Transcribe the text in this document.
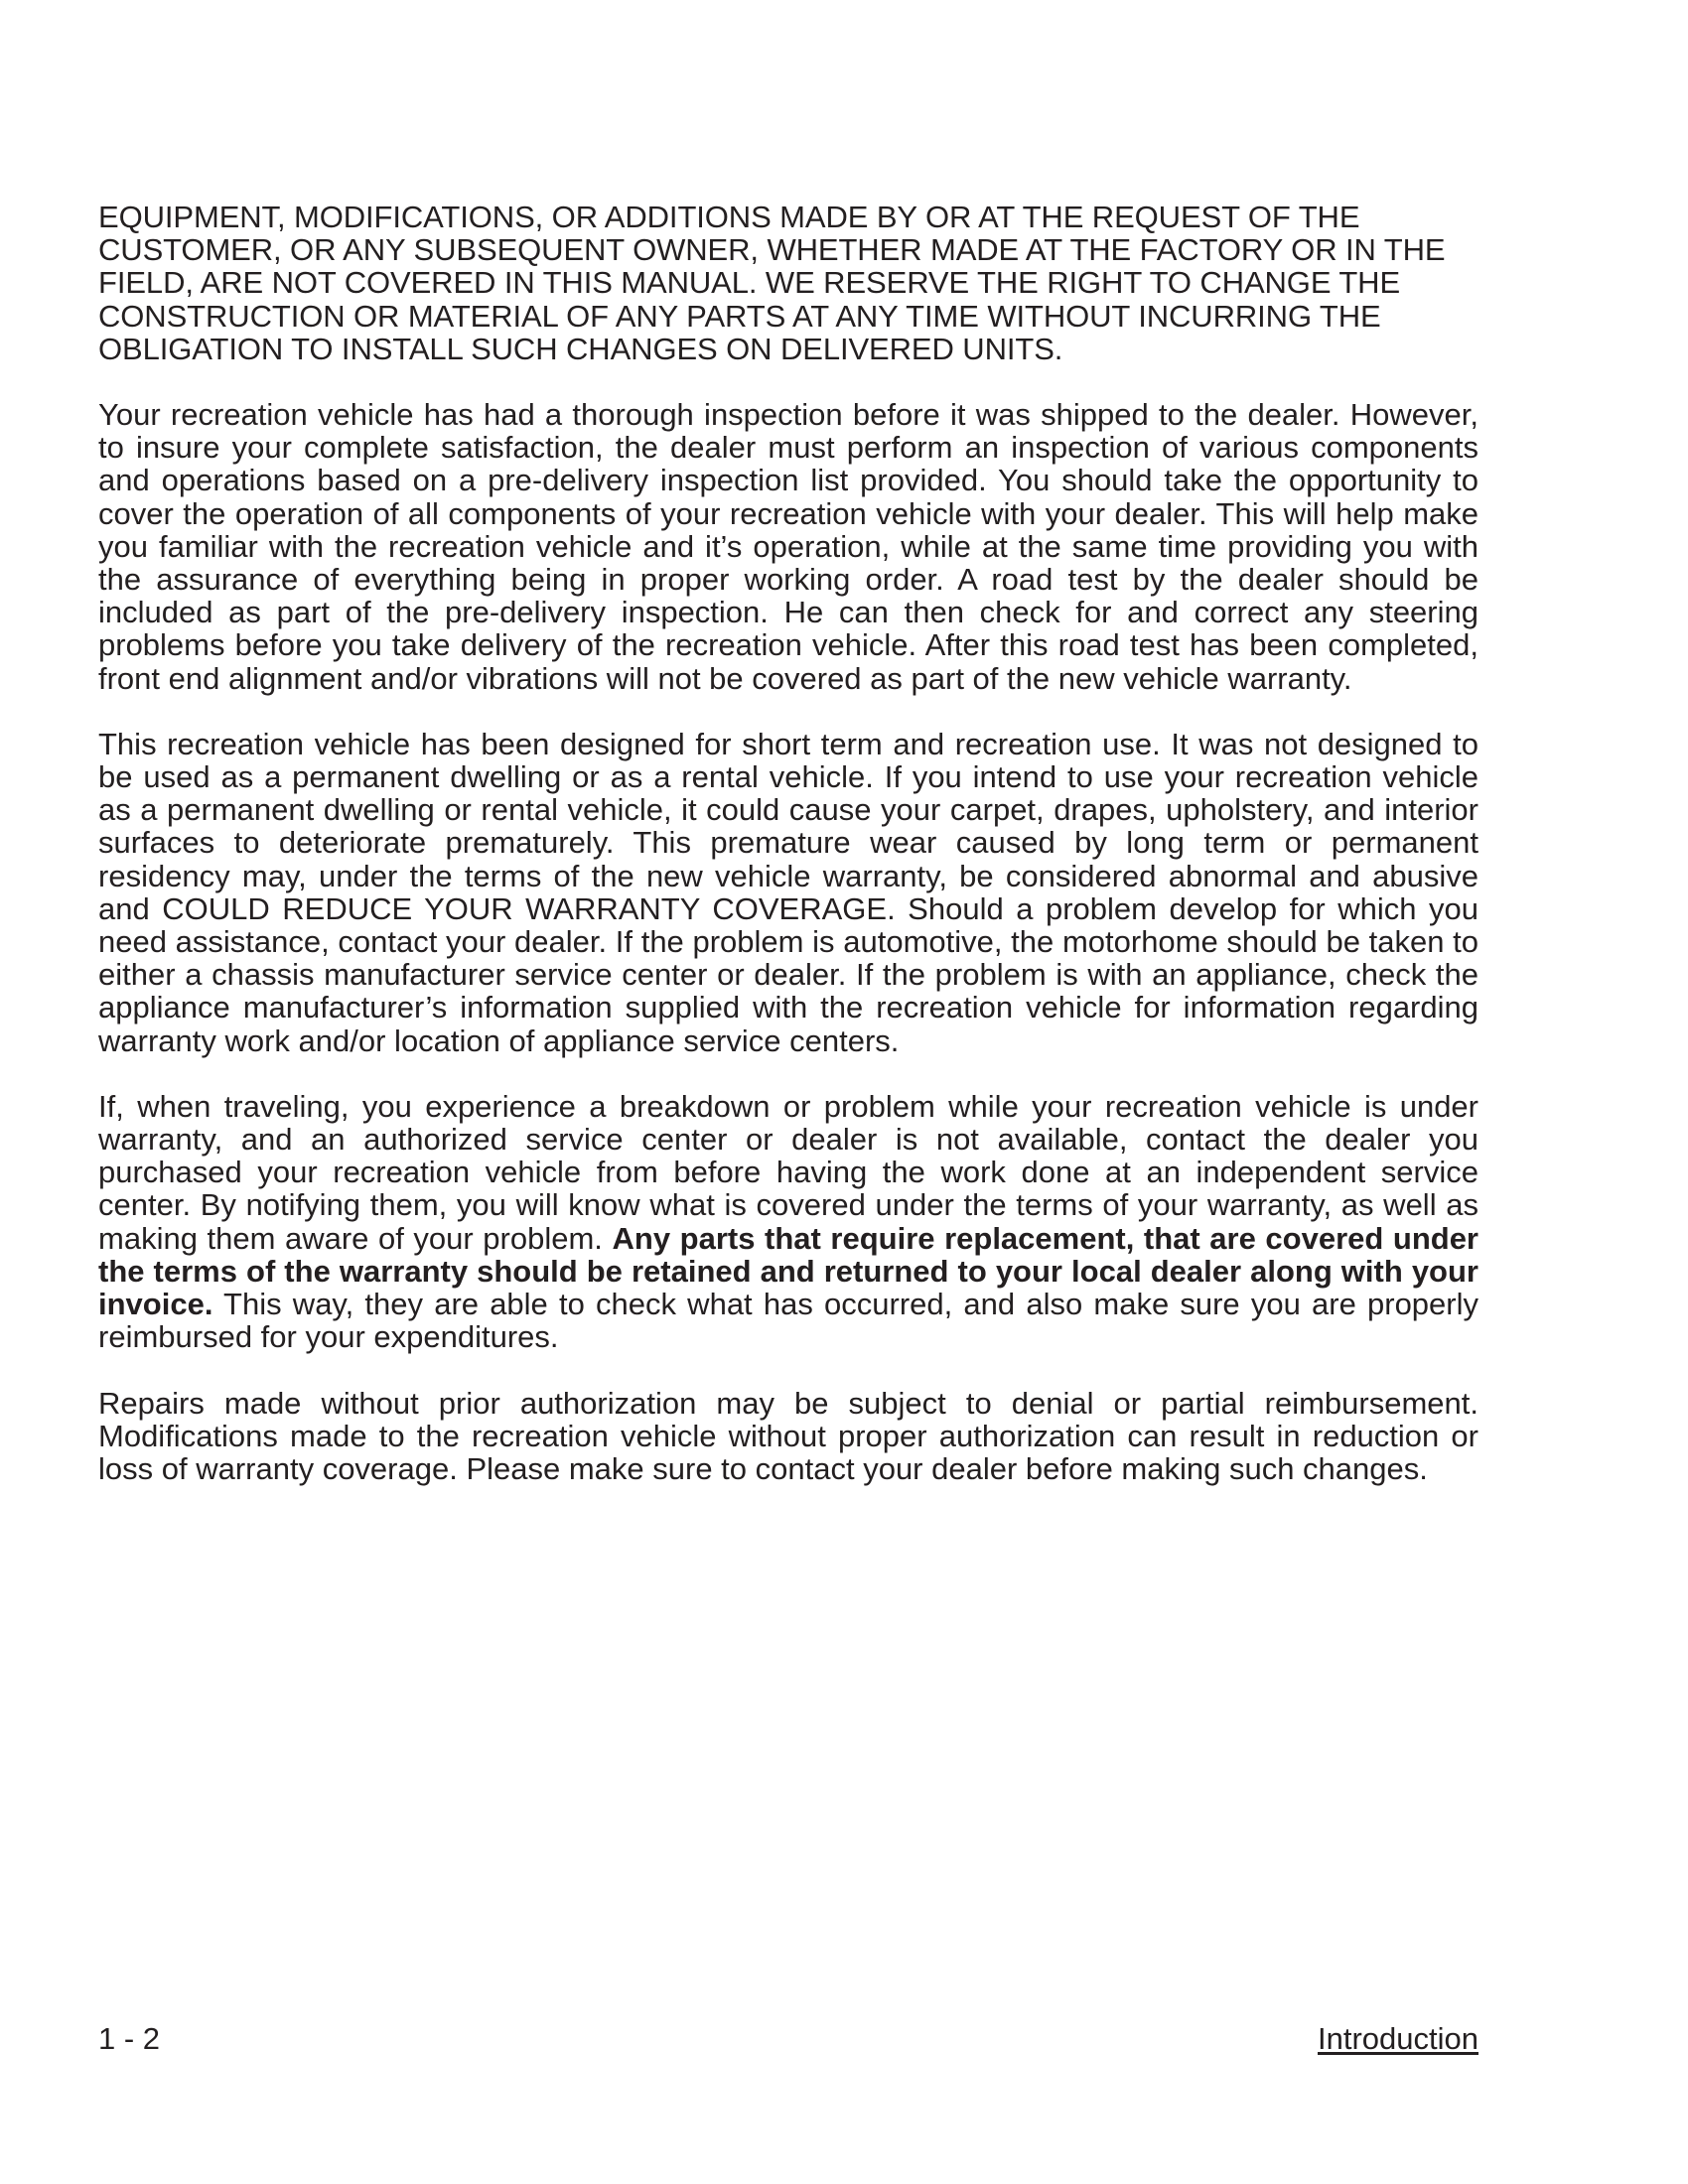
EQUIPMENT, MODIFICATIONS, OR ADDITIONS MADE BY OR AT THE REQUEST OF THE CUSTOMER, OR ANY SUBSEQUENT OWNER, WHETHER MADE AT THE FACTORY OR IN THE FIELD, ARE NOT COVERED IN THIS MANUAL. WE RESERVE THE RIGHT TO CHANGE THE CONSTRUCTION OR MATERIAL OF ANY PARTS AT ANY TIME WITHOUT INCURRING THE OBLIGATION TO INSTALL SUCH CHANGES ON DELIVERED UNITS.

Your recreation vehicle has had a thorough inspection before it was shipped to the dealer. However, to insure your complete satisfaction, the dealer must perform an inspection of various components and operations based on a pre-delivery inspection list provided. You should take the opportunity to cover the operation of all components of your recreation vehicle with your dealer. This will help make you familiar with the recreation vehicle and it’s operation, while at the same time providing you with the assurance of everything being in proper working order. A road test by the dealer should be included as part of the pre-delivery inspection. He can then check for and correct any steering problems before you take delivery of the recreation vehicle. After this road test has been completed, front end alignment and/or vibrations will not be covered as part of the new vehicle warranty.

This recreation vehicle has been designed for short term and recreation use. It was not designed to be used as a permanent dwelling or as a rental vehicle. If you intend to use your recreation vehicle as a permanent dwelling or rental vehicle, it could cause your carpet, drapes, upholstery, and interior surfaces to deteriorate prematurely. This premature wear caused by long term or permanent residency may, under the terms of the new vehicle warranty, be considered abnormal and abusive and COULD REDUCE YOUR WARRANTY COVERAGE. Should a problem develop for which you need assistance, contact your dealer. If the problem is automotive, the motorhome should be taken to either a chassis manufacturer service center or dealer. If the problem is with an appliance, check the appliance manufacturer’s information supplied with the recreation vehicle for information regarding warranty work and/or location of appliance service centers.

If, when traveling, you experience a breakdown or problem while your recreation vehicle is under warranty, and an authorized service center or dealer is not available, contact the dealer you purchased your recreation vehicle from before having the work done at an independent service center. By notifying them, you will know what is covered under the terms of your warranty, as well as making them aware of your problem. Any parts that require replacement, that are covered under the terms of the warranty should be retained and returned to your local dealer along with your invoice. This way, they are able to check what has occurred, and also make sure you are properly reimbursed for your expenditures.

Repairs made without prior authorization may be subject to denial or partial reimbursement. Modifications made to the recreation vehicle without proper authorization can result in reduction or loss of warranty coverage. Please make sure to contact your dealer before making such changes.

1 - 2	Introduction
